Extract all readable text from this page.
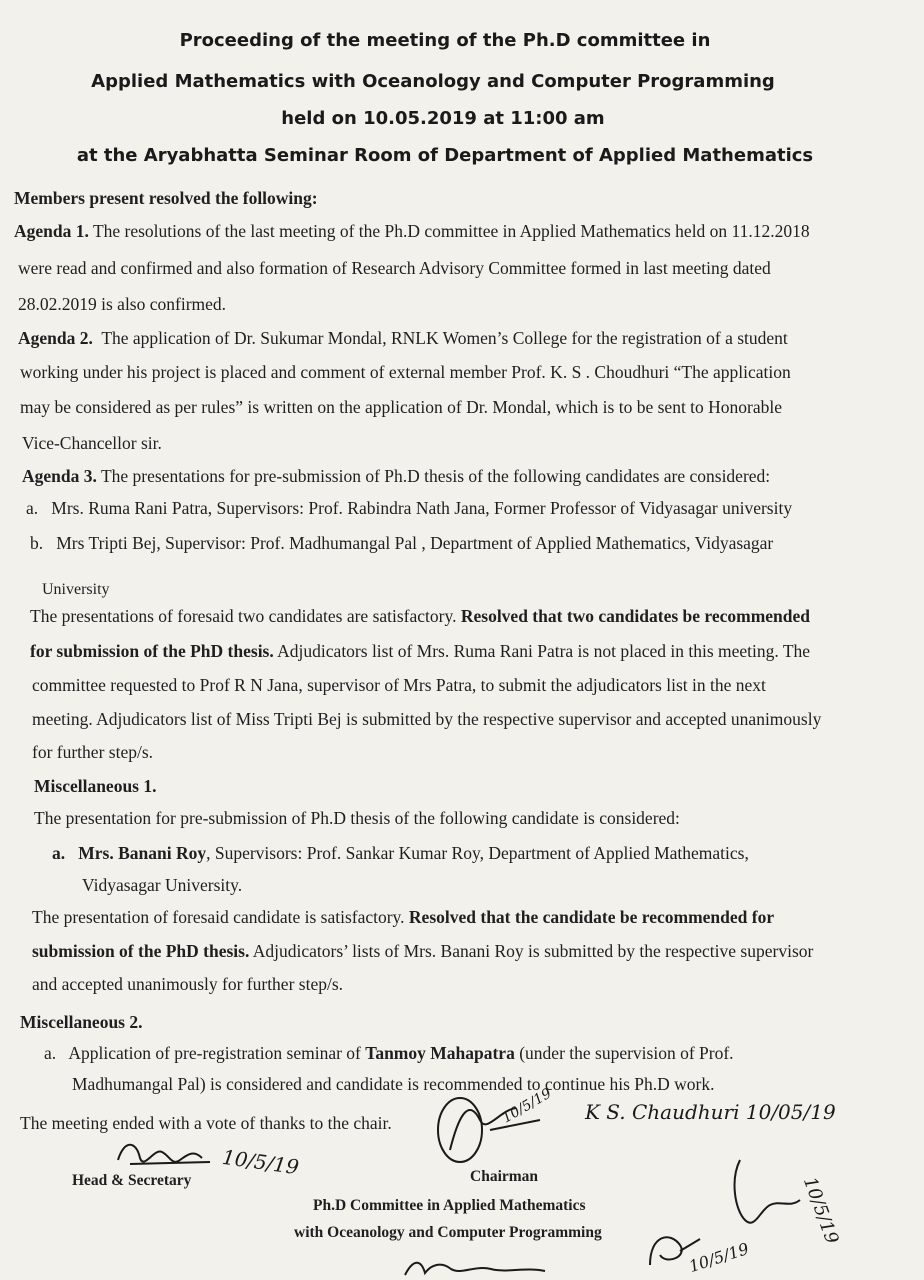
Proceeding of the meeting of the Ph.D committee in
Applied Mathematics with Oceanology and Computer Programming
held on 10.05.2019 at 11:00 am
at the Aryabhatta Seminar Room of Department of Applied Mathematics
Members present resolved the following:
Agenda 1. The resolutions of the last meeting of the Ph.D committee in Applied Mathematics held on 11.12.2018
were read and confirmed and also formation of Research Advisory Committee formed in last meeting dated
28.02.2019 is also confirmed.
Agenda 2. The application of Dr. Sukumar Mondal, RNLK Women’s College for the registration of a student
working under his project is placed and comment of external member Prof. K. S . Choudhuri “The application
may be considered as per rules” is written on the application of Dr. Mondal, which is to be sent to Honorable
Vice-Chancellor sir.
Agenda 3. The presentations for pre-submission of Ph.D thesis of the following candidates are considered:
a. Mrs. Ruma Rani Patra, Supervisors: Prof. Rabindra Nath Jana, Former Professor of Vidyasagar university
b. Mrs Tripti Bej, Supervisor: Prof. Madhumangal Pal , Department of Applied Mathematics, Vidyasagar
University
The presentations of foresaid two candidates are satisfactory. Resolved that two candidates be recommended
for submission of the PhD thesis. Adjudicators list of Mrs. Ruma Rani Patra is not placed in this meeting. The
committee requested to Prof R N Jana, supervisor of Mrs Patra, to submit the adjudicators list in the next
meeting. Adjudicators list of Miss Tripti Bej is submitted by the respective supervisor and accepted unanimously
for further step/s.
Miscellaneous 1.
The presentation for pre-submission of Ph.D thesis of the following candidate is considered:
a. Mrs. Banani Roy, Supervisors: Prof. Sankar Kumar Roy, Department of Applied Mathematics,
Vidyasagar University.
The presentation of foresaid candidate is satisfactory. Resolved that the candidate be recommended for
submission of the PhD thesis. Adjudicators’ lists of Mrs. Banani Roy is submitted by the respective supervisor
and accepted unanimously for further step/s.
Miscellaneous 2.
a. Application of pre-registration seminar of Tanmoy Mahapatra (under the supervision of Prof.
Madhumangal Pal) is considered and candidate is recommended to continue his Ph.D work.
The meeting ended with a vote of thanks to the chair.
Head & Secretary	Chairman
Ph.D Committee in Applied Mathematics
with Oceanology and Computer Programming
10/5/19
10/5/19 K S. Chaudhuri 10/05/19
10/5/19
10/5/19
